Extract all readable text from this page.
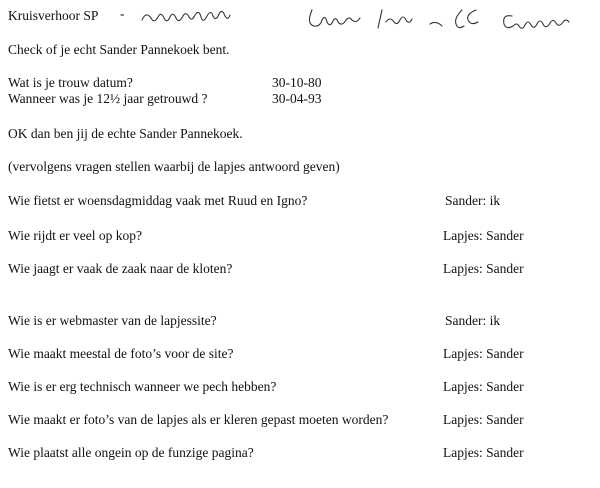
Kruisverhoor SP -
Check of je echt Sander Pannekoek bent.
Wat is je trouw datum?	30-10-80
Wanneer was je 12½ jaar getrouwd ?	30-04-93
OK dan ben jij de echte Sander Pannekoek.
(vervolgens vragen stellen waarbij de lapjes antwoord geven)
Wie fietst er woensdagmiddag vaak met Ruud en Igno?	Sander: ik
Wie rijdt er veel op kop?	Lapjes: Sander
Wie jaagt er vaak de zaak naar de kloten?	Lapjes: Sander
Wie is er webmaster van de lapjessite?	Sander: ik
Wie maakt meestal de foto’s voor de site?	Lapjes: Sander
Wie is er erg technisch wanneer we pech hebben?	Lapjes: Sander
Wie maakt er foto’s van de lapjes als er kleren gepast moeten worden?	Lapjes: Sander
Wie plaatst alle ongein op de funzige pagina?	Lapjes: Sander
